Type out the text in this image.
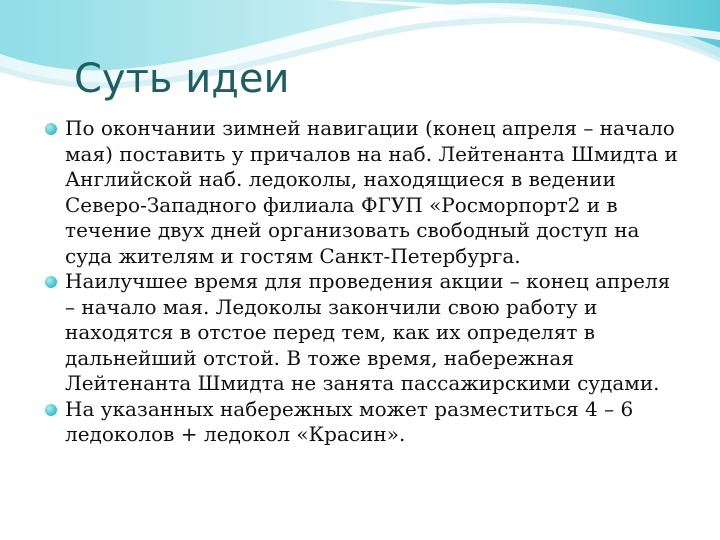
Суть идеи
По окончании зимней навигации (конец апреля – начало мая) поставить у причалов на наб. Лейтенанта Шмидта и Английской наб. ледоколы, находящиеся в ведении Северо-Западного филиала ФГУП «Росморпорт2 и в течение двух дней организовать свободный доступ на суда жителям и гостям Санкт-Петербурга.
Наилучшее время для проведения акции – конец апреля – начало мая. Ледоколы закончили свою работу и находятся в отстое перед тем, как их определят в дальнейший отстой. В тоже время, набережная Лейтенанта Шмидта не занята пассажирскими судами.
На указанных набережных может разместиться 4 – 6 ледоколов + ледокол «Красин».
